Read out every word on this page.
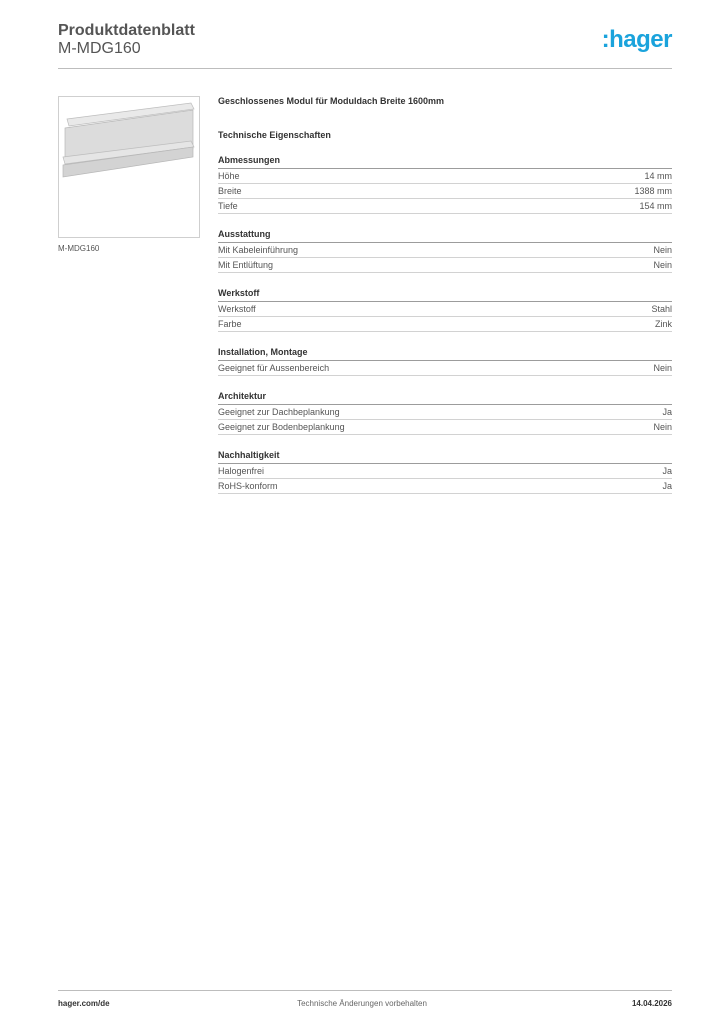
Produktdatenblatt
M-MDG160	:hager
M-MDG160
Geschlossenes Modul für Moduldach Breite 1600mm
Technische Eigenschaften
Abmessungen
Höhe	14 mm
Breite	1388 mm
Tiefe	154 mm
Ausstattung
Mit Kabeleinführung	Nein
Mit Entlüftung	Nein
Werkstoff
Werkstoff	Stahl
Farbe	Zink
Installation, Montage
Geeignet für Aussenbereich	Nein
Architektur
Geeignet zur Dachbeplankung	Ja
Geeignet zur Bodenbeplankung	Nein
Nachhaltigkeit
Halogenfrei	Ja
RoHS-konform	Ja
hager.com/de	Technische Änderungen vorbehalten	14.04.2026
